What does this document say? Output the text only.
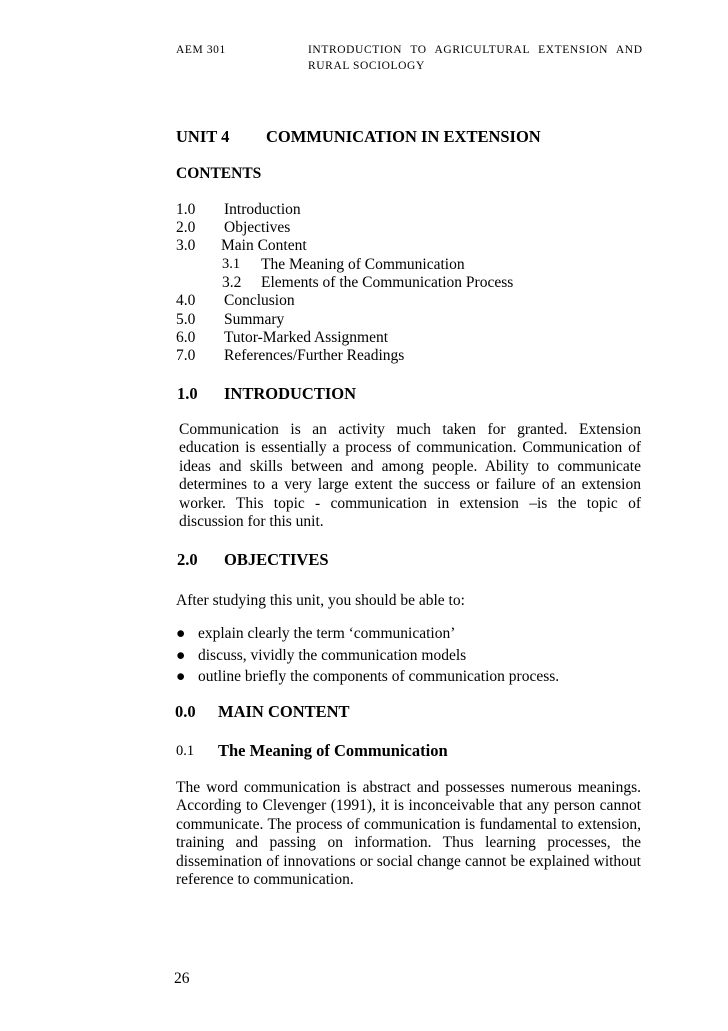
AEM 301	INTRODUCTION TO AGRICULTURAL EXTENSION AND
RURAL SOCIOLOGY
UNIT 4 COMMUNICATION IN EXTENSION
CONTENTS
1.0 Introduction
2.0 Objectives
3.0 Main Content
3.1 The Meaning of Communication
3.2 Elements of the Communication Process
4.0 Conclusion
5.0 Summary
6.0 Tutor-Marked Assignment
7.0 References/Further Readings
1.0 INTRODUCTION
Communication is an activity much taken for granted. Extension education is essentially a process of communication. Communication of ideas and skills between and among people. Ability to communicate determines to a very large extent the success or failure of an extension worker. This topic - communication in extension –is the topic of discussion for this unit.
2.0 OBJECTIVES
After studying this unit, you should be able to:
● explain clearly the term ‘communication’
● discuss, vividly the communication models
● outline briefly the components of communication process.
0.0 MAIN CONTENT
0.1 The Meaning of Communication
The word communication is abstract and possesses numerous meanings. According to Clevenger (1991), it is inconceivable that any person cannot communicate. The process of communication is fundamental to extension, training and passing on information. Thus learning processes, the dissemination of innovations or social change cannot be explained without reference to communication.
26
